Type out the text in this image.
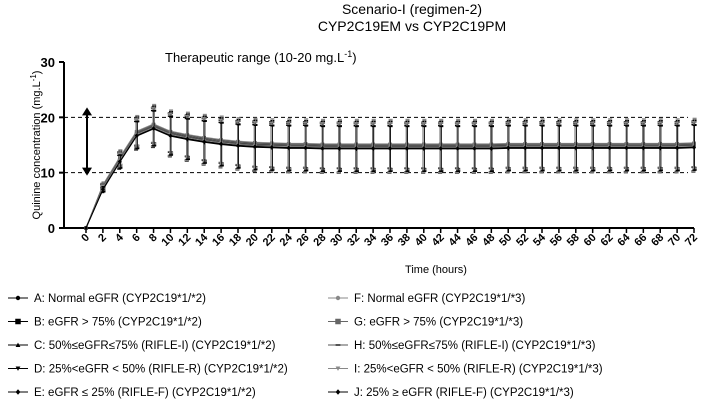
0
10
20
30
0 2 4 6 8 10 12 14 16 18 20 22 24 26 28 30 32 34 36 38 40 42 44 46 48 50 52 54 56 58 60 62 64 66 68 70 72
Scenario-I (regimen-2)
CYP2C19EM vs CYP2C19PM
Therapeutic range (10-20 $mg.L^{-1}$)
Time (hours)
Quinine concentration $(mg.L^{-1})$
A: Normal eGFR (CYP2C19*1/*2)
B: eGFR > 75% (CYP2C19*1/*2)
C: 50%≤eGFR≤75% (RIFLE-I) (CYP2C19*1/*2)
D: 25%<eGFR < 50% (RIFLE-R) (CYP2C19*1/*2)
E: eGFR ≤ 25% (RIFLE-F) (CYP2C19*1/*2)
F: Normal eGFR (CYP2C19*1/*3)
G: eGFR > 75% (CYP2C19*1/*3)
H: 50%≤eGFR≤75% (RIFLE-I) (CYP2C19*1/*3)
I: 25%<eGFR < 50% (RIFLE-R) (CYP2C19*1/*3)
J: 25% ≥ eGFR (RIFLE-F) (CYP2C19*1/*3)
